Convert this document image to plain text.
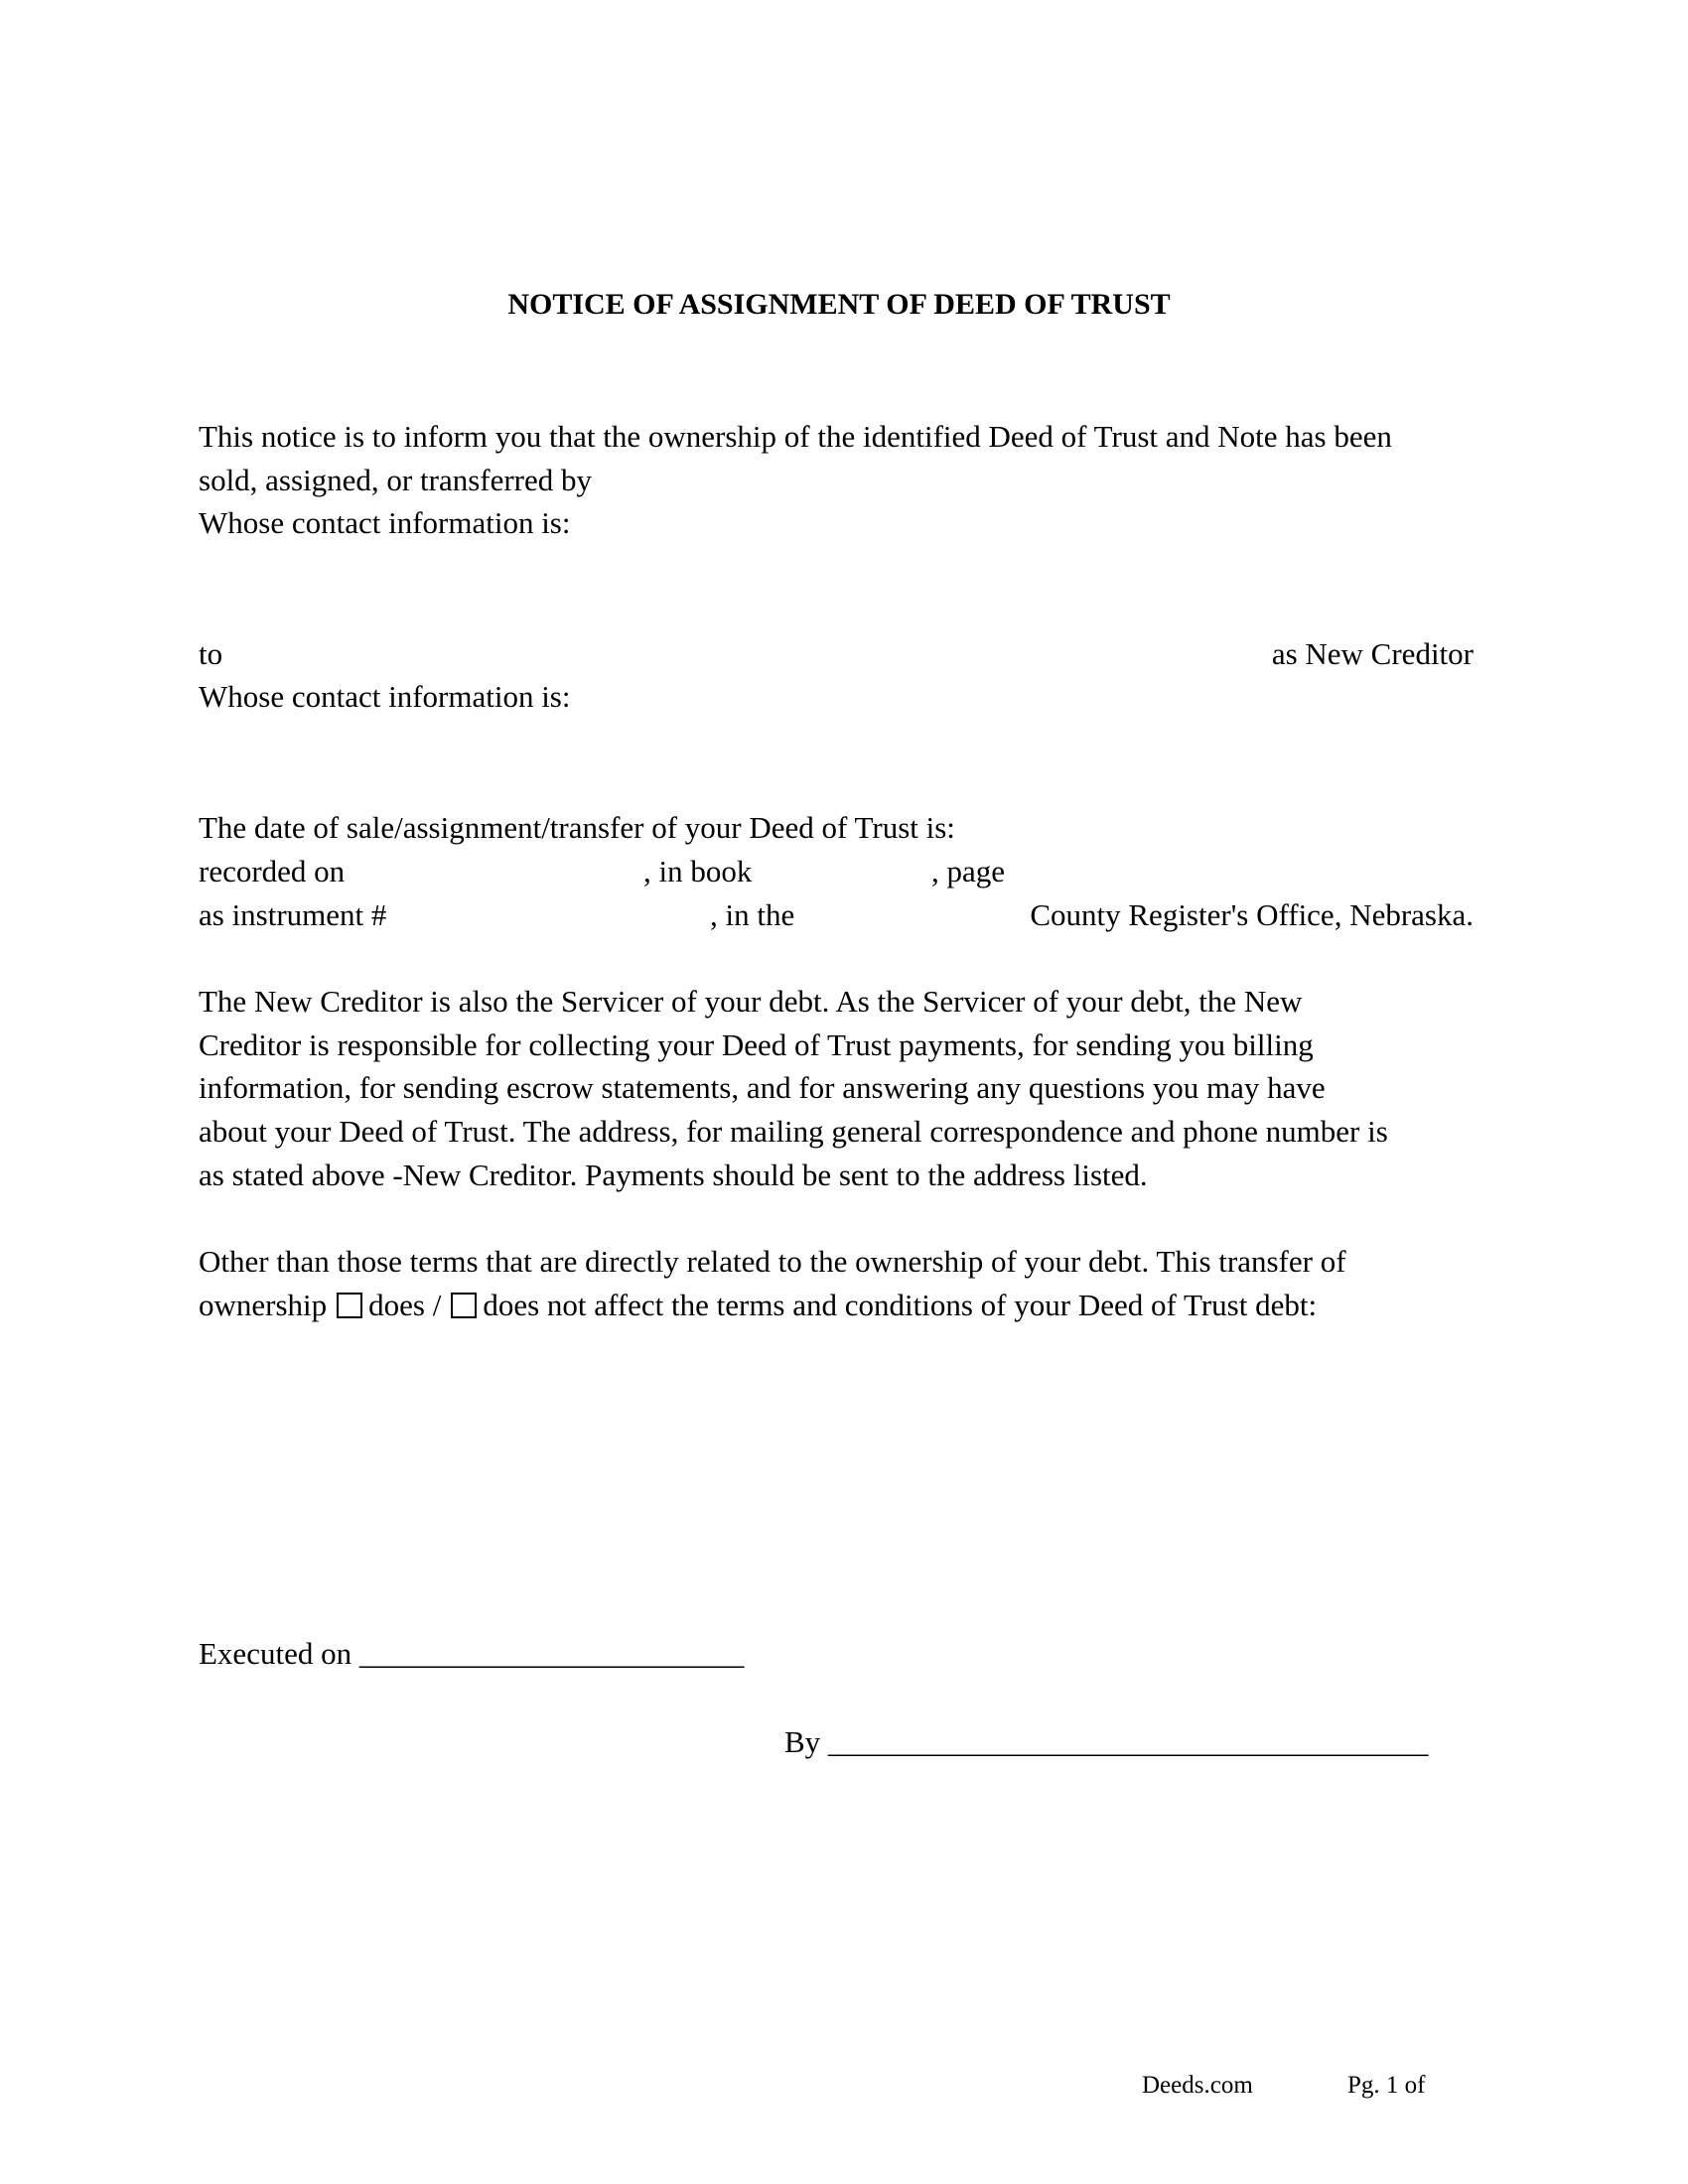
NOTICE OF ASSIGNMENT OF DEED OF TRUST
This notice is to inform you that the ownership of the identified Deed of Trust and Note has been
sold, assigned, or transferred by
Whose contact information is:
to	as New Creditor
Whose contact information is:
The date of sale/assignment/transfer of your Deed of Trust is:
recorded on	, in book	, page
as instrument #	, in the	County Register's Office, Nebraska.
The New Creditor is also the Servicer of your debt. As the Servicer of your debt, the New
Creditor is responsible for collecting your Deed of Trust payments, for sending you billing
information, for sending escrow statements, and for answering any questions you may have
about your Deed of Trust. The address, for mailing general correspondence and phone number is
as stated above -New Creditor. Payments should be sent to the address listed.
Other than those terms that are directly related to the ownership of your debt. This transfer of
ownership does / does not affect the terms and conditions of your Deed of Trust debt:
Executed on _________________________
By _______________________________________
Deeds.com	Pg. 1 of
